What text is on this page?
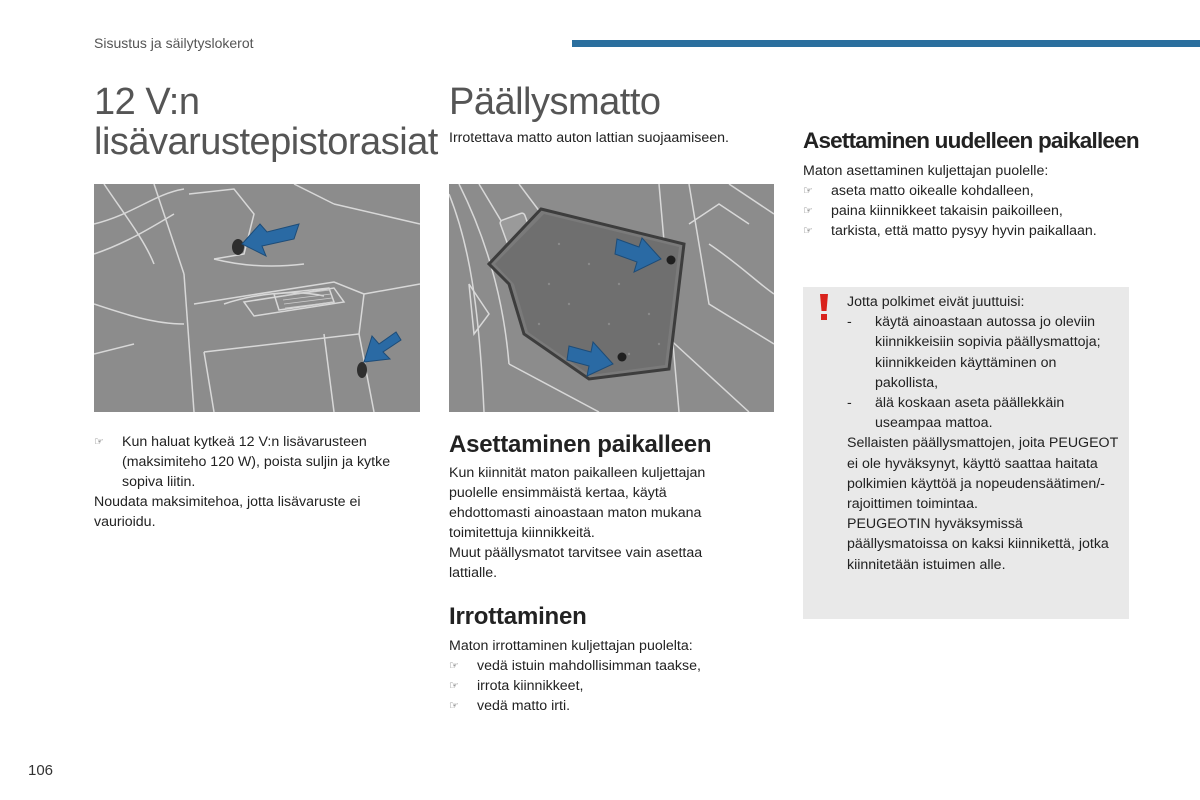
Sisustus ja säilytyslokerot
12 V:n
lisävarustepistorasiat
☞ Kun haluat kytkeä 12 V:n lisävarusteen (maksimiteho 120 W), poista suljin ja kytke sopiva liitin.
Noudata maksimitehoa, jotta lisävaruste ei vaurioidu.
Päällysmatto
Irrotettava matto auton lattian suojaamiseen.
Asettaminen paikalleen
Kun kiinnität maton paikalleen kuljettajan puolelle ensimmäistä kertaa, käytä ehdottomasti ainoastaan maton mukana toimitettuja kiinnikkeitä.
Muut päällysmatot tarvitsee vain asettaa lattialle.
Irrottaminen
Maton irrottaminen kuljettajan puolelta:
☞ vedä istuin mahdollisimman taakse,
☞ irrota kiinnikkeet,
☞ vedä matto irti.
Asettaminen uudelleen paikalleen
Maton asettaminen kuljettajan puolelle:
☞ aseta matto oikealle kohdalleen,
☞ paina kiinnikkeet takaisin paikoilleen,
☞ tarkista, että matto pysyy hyvin paikallaan.
Jotta polkimet eivät juuttuisi:
- käytä ainoastaan autossa jo oleviin kiinnikkeisiin sopivia päällysmattoja; kiinnikkeiden käyttäminen on pakollista,
- älä koskaan aseta päällekkäin useampaa mattoa.
Sellaisten päällysmattojen, joita PEUGEOT ei ole hyväksynyt, käyttö saattaa haitata polkimien käyttöä ja nopeudensäätimen/-rajoittimen toimintaa.
PEUGEOTIN hyväksymissä päällysmatoissa on kaksi kiinnikettä, jotka kiinnitetään istuimen alle.
106
